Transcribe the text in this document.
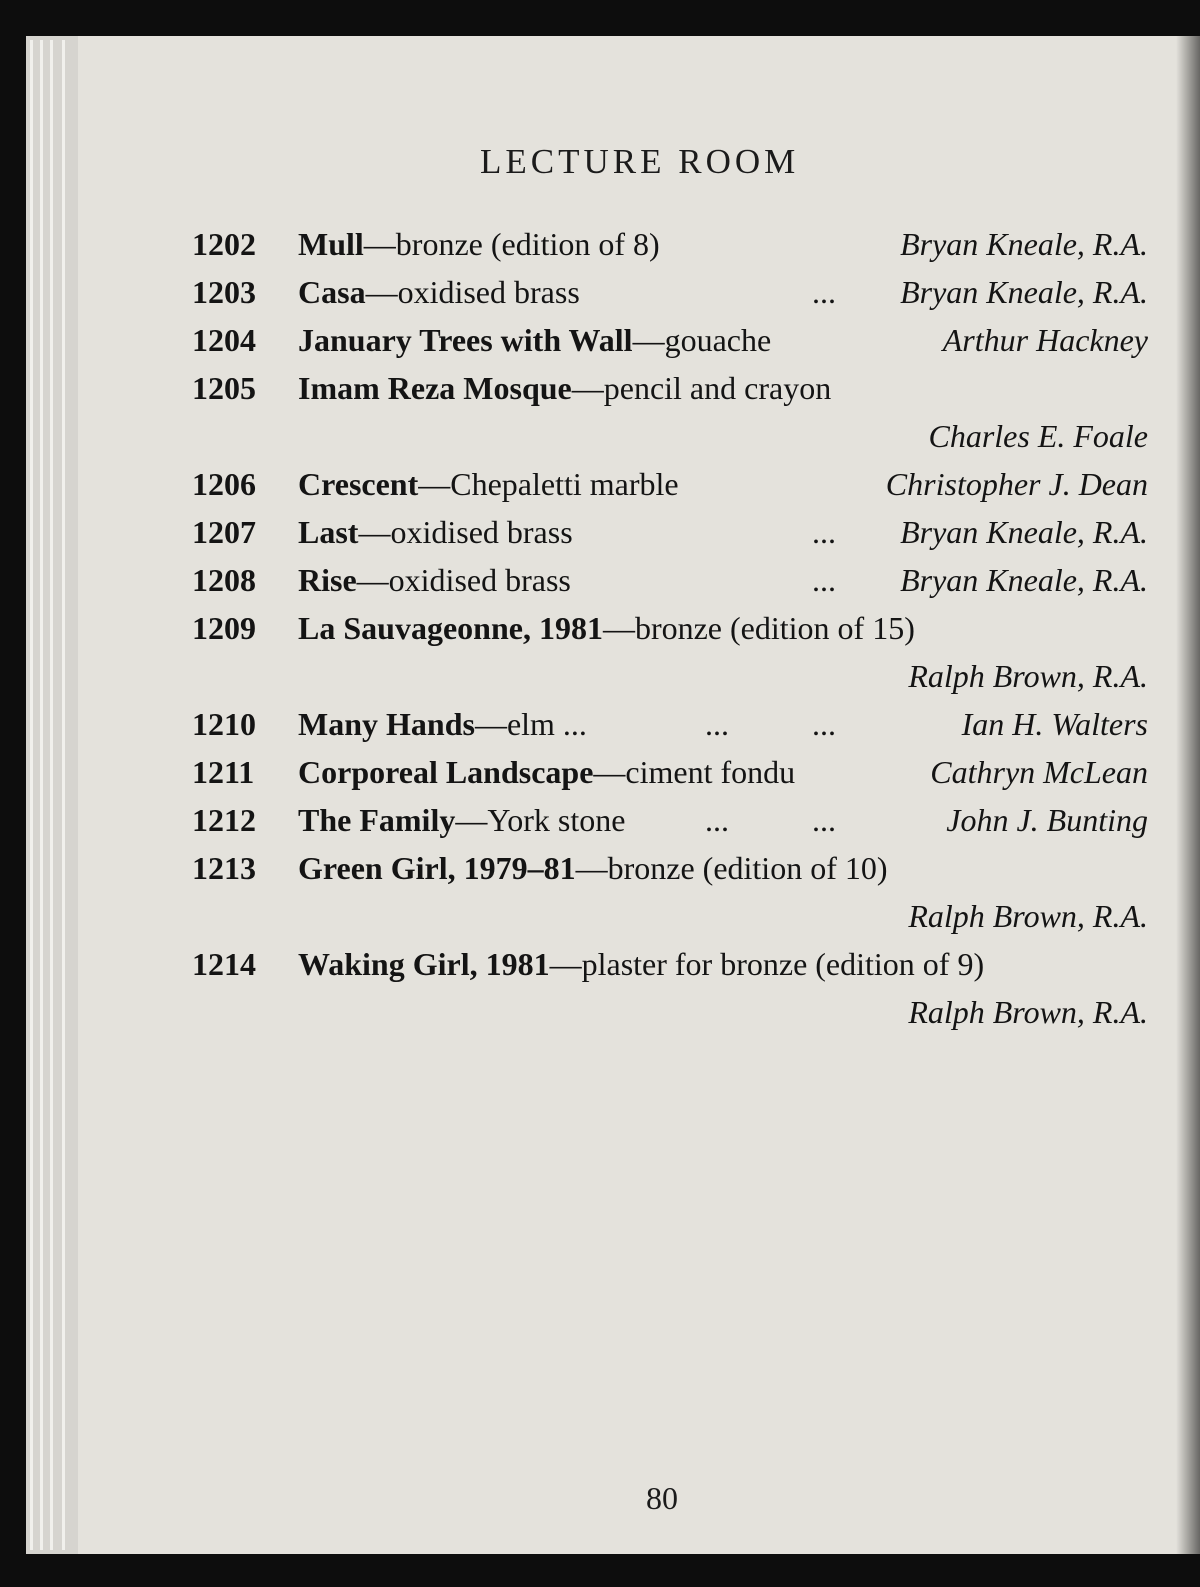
LECTURE ROOM
1202 Mull—bronze (edition of 8)	Bryan Kneale, R.A.
1203 Casa—oxidised brass	... Bryan Kneale, R.A.
1204 January Trees with Wall—gouache	Arthur Hackney
1205 Imam Reza Mosque—pencil and crayon
Charles E. Foale
1206 Crescent—Chepaletti marble	Christopher J. Dean
1207 Last—oxidised brass	... Bryan Kneale, R.A.
1208 Rise—oxidised brass	... Bryan Kneale, R.A.
1209 La Sauvageonne, 1981—bronze (edition of 15)
Ralph Brown, R.A.
1210 Many Hands—elm ...	...	...	Ian H. Walters
1211 Corporeal Landscape—ciment fondu	Cathryn McLean
1212 The Family—York stone ...	...	John J. Bunting
1213 Green Girl, 1979–81—bronze (edition of 10)
Ralph Brown, R.A.
1214 Waking Girl, 1981—plaster for bronze (edition of 9)
Ralph Brown, R.A.
80
